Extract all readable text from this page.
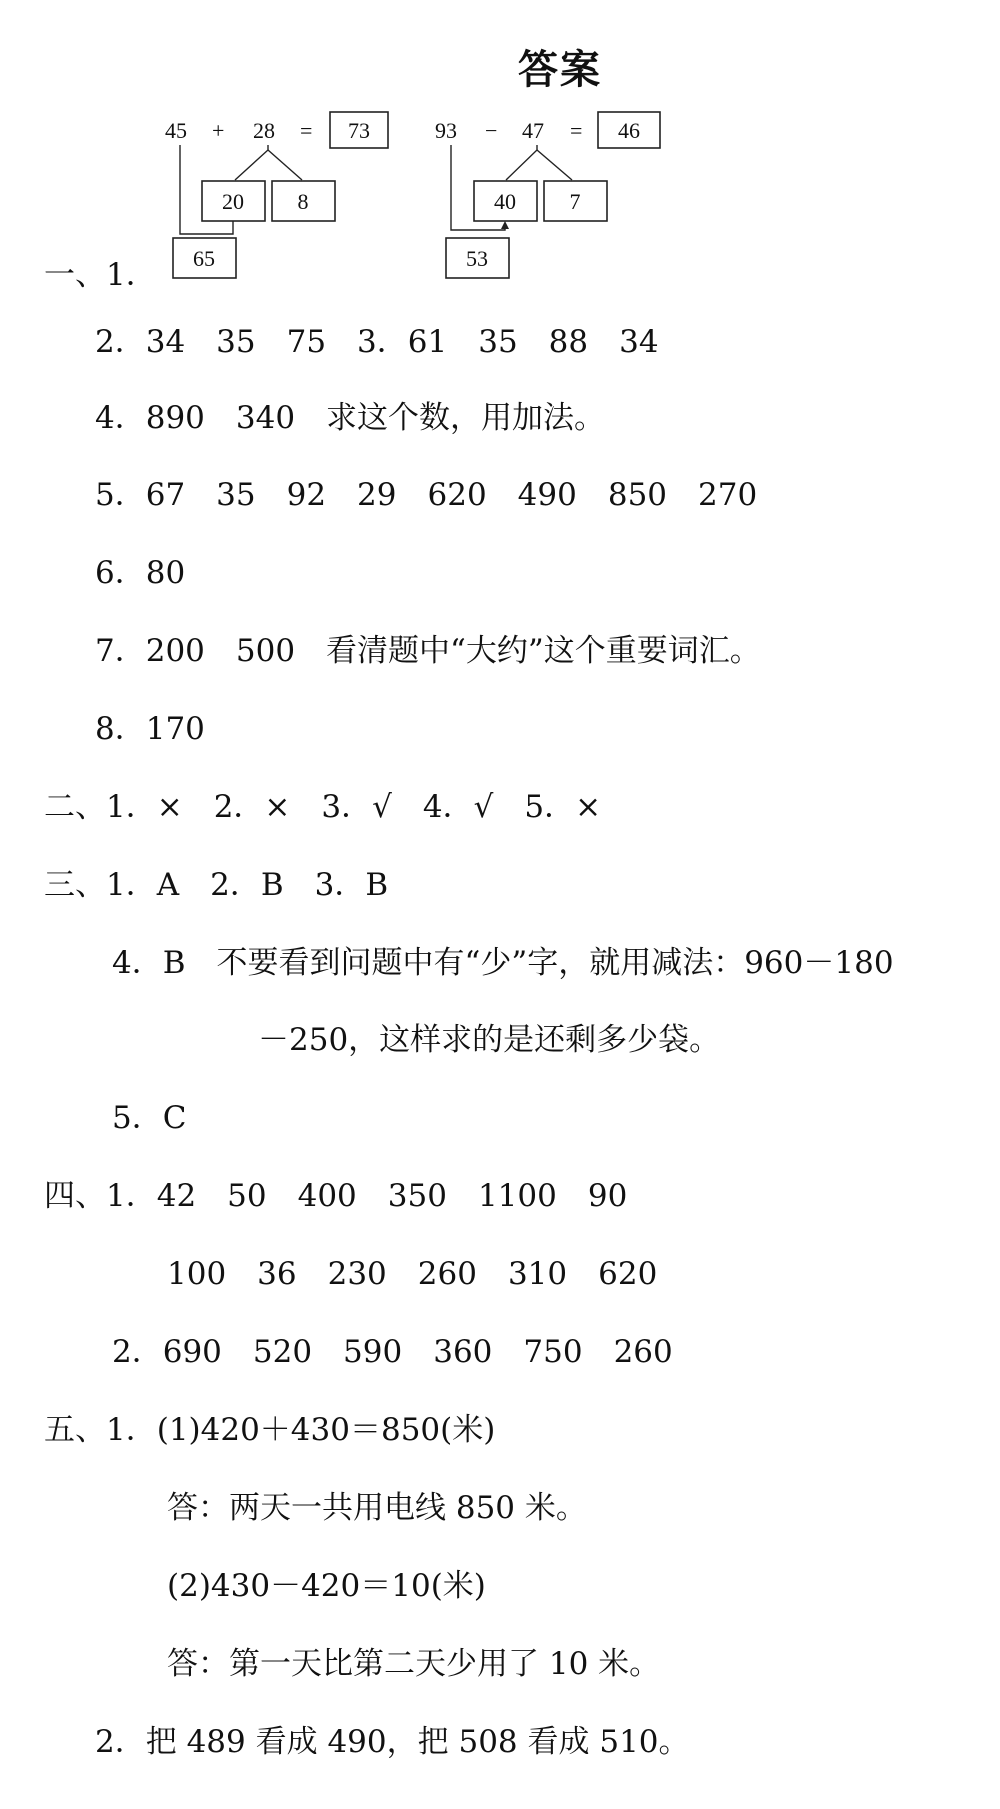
答案
45 + 28 = 73
20 8
65
93 − 47 = 46
40 7
53
一、1．
2．34　35　75　3．61　35　88　34
4．890　340　求这个数，用加法。
5．67　35　92　29　620　490　850　270
6．80
7．200　500　看清题中“大约”这个重要词汇。
8．170
二、1．×　2．×　3．√　4．√　5．×
三、1．A　2．B　3．B
4．B　不要看到问题中有“少”字，就用减法：960－180
－250，这样求的是还剩多少袋。
5．C
四、1．42　50　400　350　1100　90
100　36　230　260　310　620
2．690　520　590　360　750　260
五、1．(1)420＋430＝850(米)
答：两天一共用电线 850 米。
(2)430－420＝10(米)
答：第一天比第二天少用了 10 米。
2．把 489 看成 490，把 508 看成 510。
